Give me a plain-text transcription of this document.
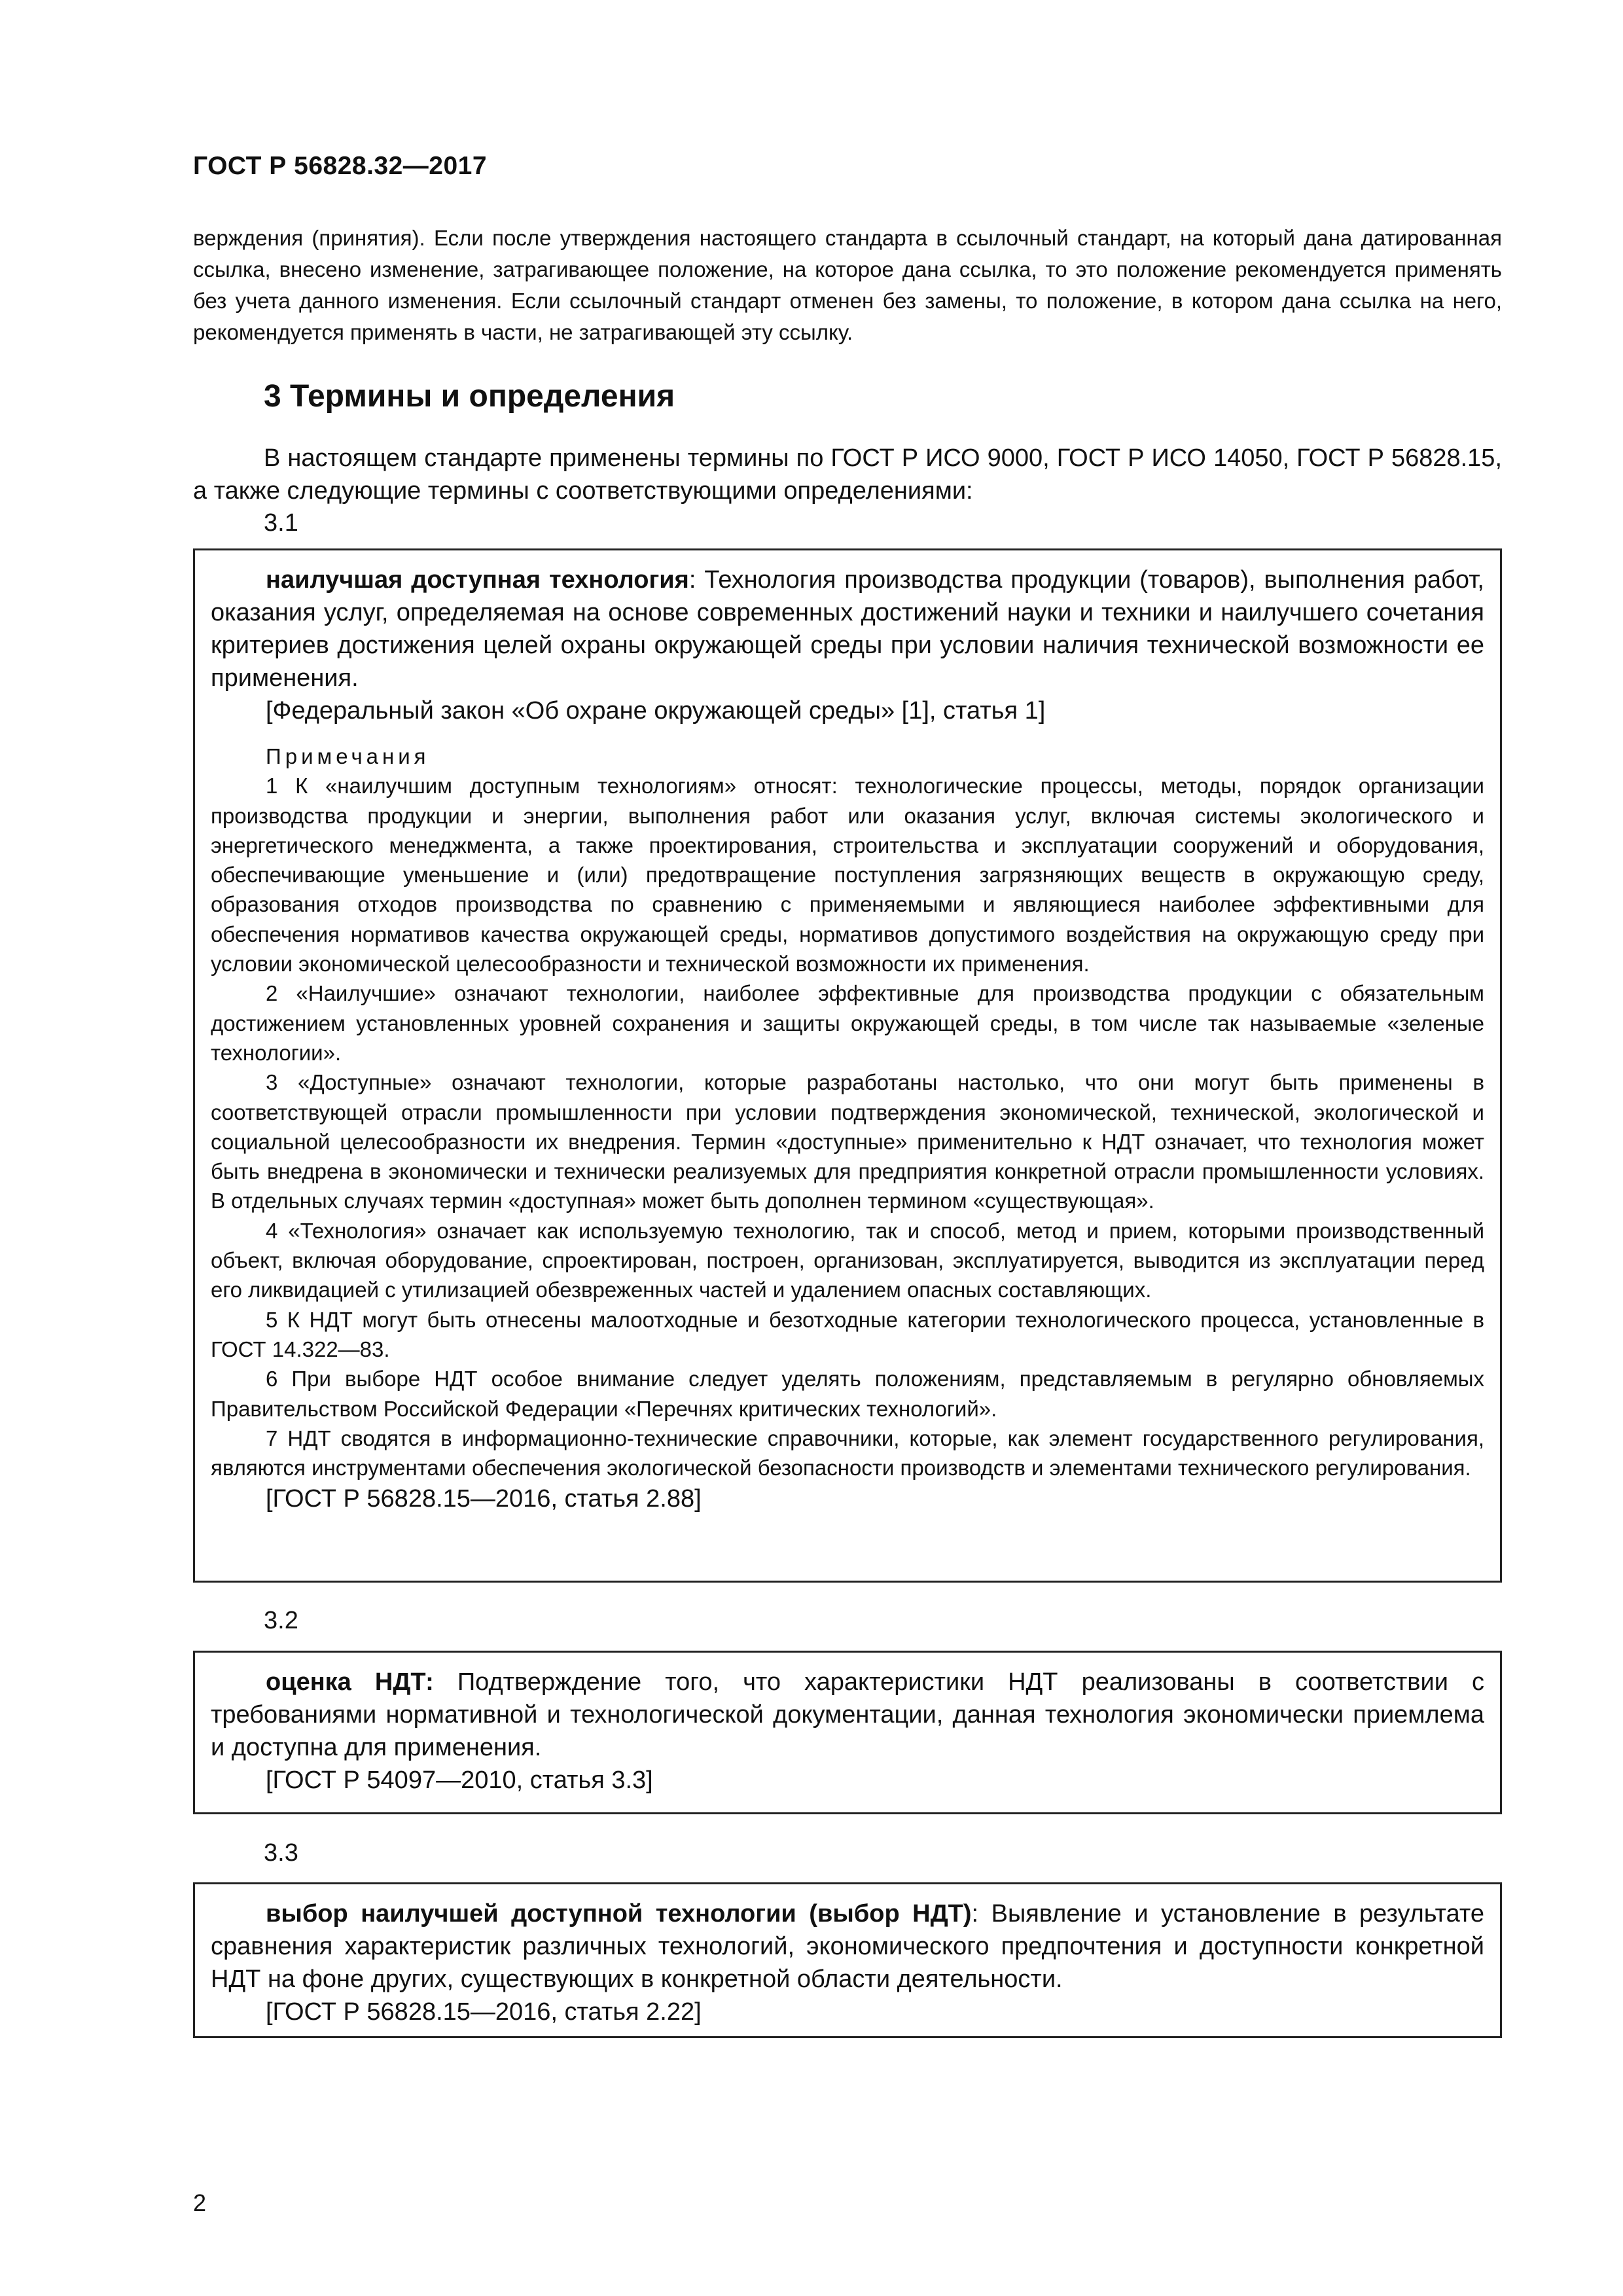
ГОСТ Р 56828.32—2017

верждения (принятия). Если после утверждения настоящего стандарта в ссылочный стандарт, на который дана датированная ссылка, внесено изменение, затрагивающее положение, на которое дана ссылка, то это положение рекомендуется применять без учета данного изменения. Если ссылочный стандарт отменен без замены, то положение, в котором дана ссылка на него, рекомендуется применять в части, не затрагивающей эту ссылку.

3 Термины и определения

В настоящем стандарте применены термины по ГОСТ Р ИСО 9000, ГОСТ Р ИСО 14050, ГОСТ Р 56828.15, а также следующие термины с соответствующими определениями:

3.1

наилучшая доступная технология: Технология производства продукции (товаров), выполнения работ, оказания услуг, определяемая на основе современных достижений науки и техники и наилучшего сочетания критериев достижения целей охраны окружающей среды при условии наличия технической возможности ее применения.

[Федеральный закон «Об охране окружающей среды» [1], статья 1]

Примечания

1 К «наилучшим доступным технологиям» относят: технологические процессы, методы, порядок организации производства продукции и энергии, выполнения работ или оказания услуг, включая системы экологического и энергетического менеджмента, а также проектирования, строительства и эксплуатации сооружений и оборудования, обеспечивающие уменьшение и (или) предотвращение поступления загрязняющих веществ в окружающую среду, образования отходов производства по сравнению с применяемыми и являющиеся наиболее эффективными для обеспечения нормативов качества окружающей среды, нормативов допустимого воздействия на окружающую среду при условии экономической целесообразности и технической возможности их применения.

2 «Наилучшие» означают технологии, наиболее эффективные для производства продукции с обязательным достижением установленных уровней сохранения и защиты окружающей среды, в том числе так называемые «зеленые технологии».

3 «Доступные» означают технологии, которые разработаны настолько, что они могут быть применены в соответствующей отрасли промышленности при условии подтверждения экономической, технической, экологической и социальной целесообразности их внедрения. Термин «доступные» применительно к НДТ означает, что технология может быть внедрена в экономически и технически реализуемых для предприятия конкретной отрасли промышленности условиях. В отдельных случаях термин «доступная» может быть дополнен термином «существующая».

4 «Технология» означает как используемую технологию, так и способ, метод и прием, которыми производственный объект, включая оборудование, спроектирован, построен, организован, эксплуатируется, выводится из эксплуатации перед его ликвидацией с утилизацией обезвреженных частей и удалением опасных составляющих.

5 К НДТ могут быть отнесены малоотходные и безотходные категории технологического процесса, установленные в ГОСТ 14.322—83.

6 При выборе НДТ особое внимание следует уделять положениям, представляемым в регулярно обновляемых Правительством Российской Федерации «Перечнях критических технологий».

7 НДТ сводятся в информационно-технические справочники, которые, как элемент государственного регулирования, являются инструментами обеспечения экологической безопасности производств и элементами технического регулирования.

[ГОСТ Р 56828.15—2016, статья 2.88]

3.2

оценка НДТ: Подтверждение того, что характеристики НДТ реализованы в соответствии с требованиями нормативной и технологической документации, данная технология экономически приемлема и доступна для применения.

[ГОСТ Р 54097—2010, статья 3.3]

3.3

выбор наилучшей доступной технологии (выбор НДТ): Выявление и установление в результате сравнения характеристик различных технологий, экономического предпочтения и доступности конкретной НДТ на фоне других, существующих в конкретной области деятельности.

[ГОСТ Р 56828.15—2016, статья 2.22]

2
